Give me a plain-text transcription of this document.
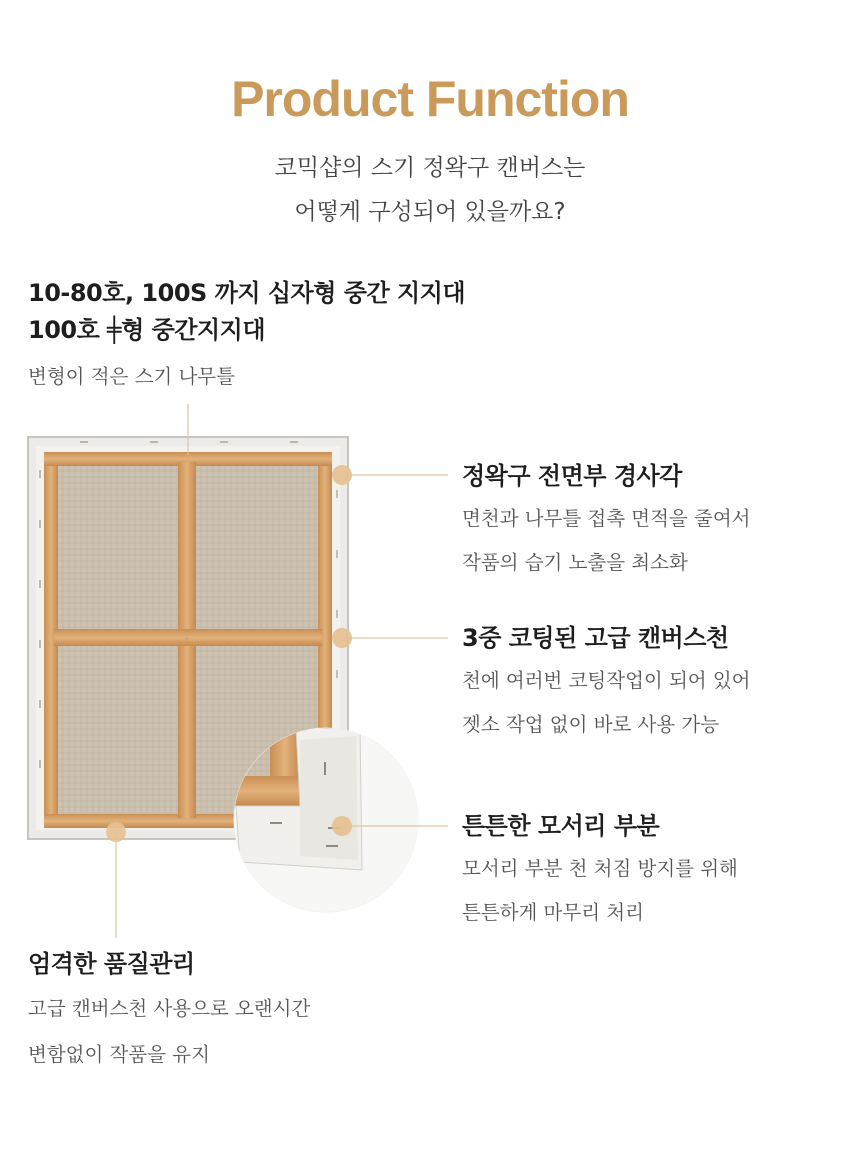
Product Function
코믹샵의 스기 정왁구 캔버스는
어떻게 구성되어 있을까요?
10-80호, 100S 까지 십자형 중간 지지대
100호 ╪형 중간지지대
변형이 적은 스기 나무틀
·
정왁구 전면부 경사각
면천과 나무틀 접촉 면적을 줄여서
작품의 습기 노출을 최소화
3중 코팅된 고급 캔버스천
천에 여러번 코팅작업이 되어 있어
젯소 작업 없이 바로 사용 가능
튼튼한 모서리 부분
모서리 부분 천 처짐 방지를 위해
튼튼하게 마무리 처리
엄격한 품질관리
고급 캔버스천 사용으로 오랜시간
변함없이 작품을 유지
